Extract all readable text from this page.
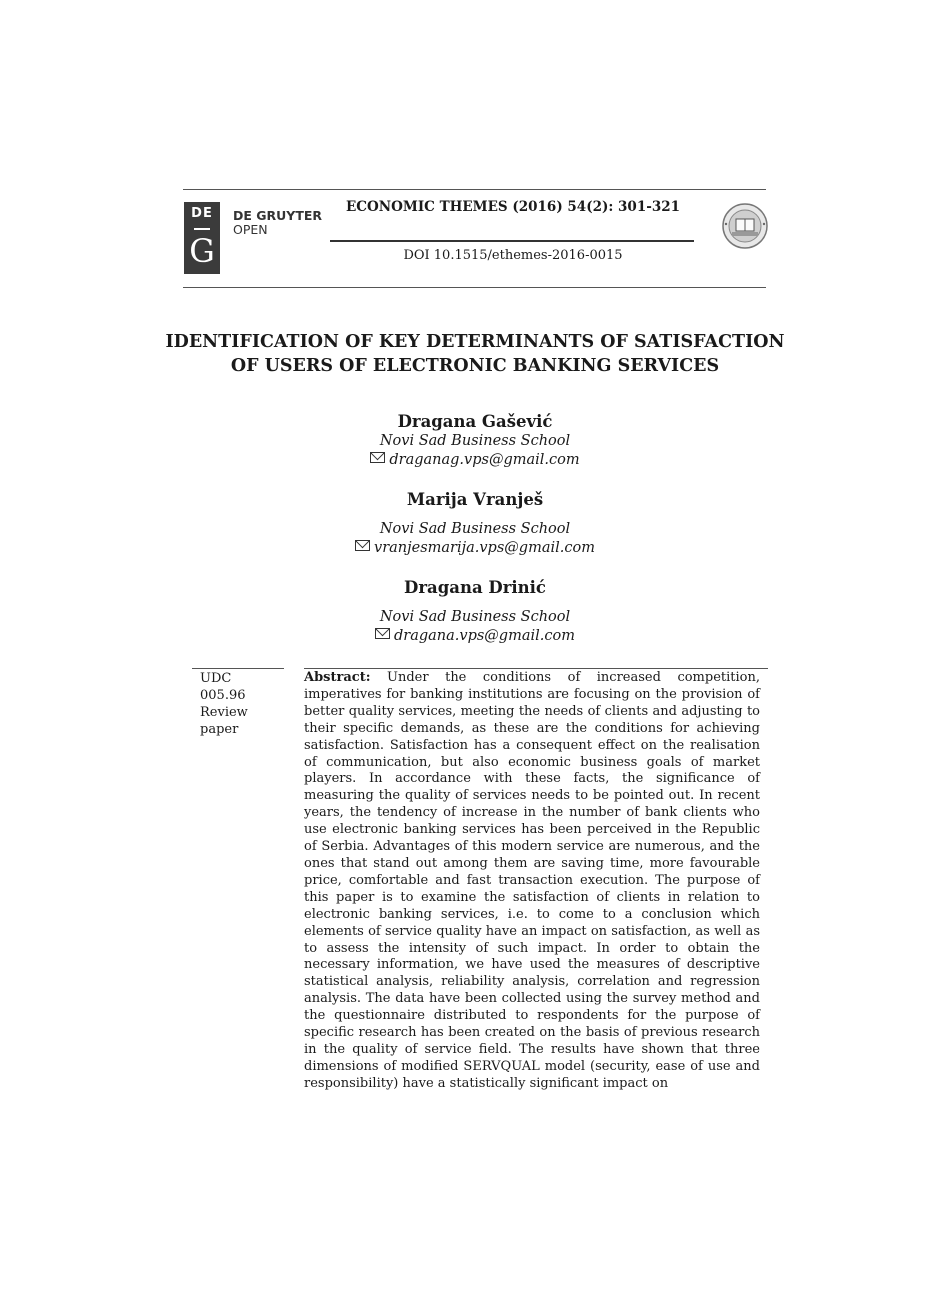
DE
G
DE GRUYTER
OPEN
ECONOMIC THEMES (2016) 54(2): 301-321
DOI 10.1515/ethemes-2016-0015
IDENTIFICATION OF KEY DETERMINANTS OF SATISFACTION OF USERS OF ELECTRONIC BANKING SERVICES
Dragana Gašević
Novi Sad Business School
draganag.vps@gmail.com
Marija Vranješ
Novi Sad Business School
vranjesmarija.vps@gmail.com
Dragana Drinić
Novi Sad Business School
dragana.vps@gmail.com
UDC
005.96
Review
paper
Abstract: Under the conditions of increased competition, imperatives for banking institutions are focusing on the provision of better quality services, meeting the needs of clients and adjusting to their specific demands, as these are the conditions for achieving satisfaction. Satisfaction has a consequent effect on the realisation of communication, but also economic business goals of market players. In accordance with these facts, the significance of measuring the quality of services needs to be pointed out. In recent years, the tendency of increase in the number of bank clients who use electronic banking services has been perceived in the Republic of Serbia. Advantages of this modern service are numerous, and the ones that stand out among them are saving time, more favourable price, comfortable and fast transaction execution. The purpose of this paper is to examine the satisfaction of clients in relation to electronic banking services, i.e. to come to a conclusion which elements of service quality have an impact on satisfaction, as well as to assess the intensity of such impact. In order to obtain the necessary information, we have used the measures of descriptive statistical analysis, reliability analysis, correlation and regression analysis. The data have been collected using the survey method and the questionnaire distributed to respondents for the purpose of specific research has been created on the basis of previous research in the quality of service field. The results have shown that three dimensions of modified SERVQUAL model (security, ease of use and responsibility) have a statistically significant impact on
